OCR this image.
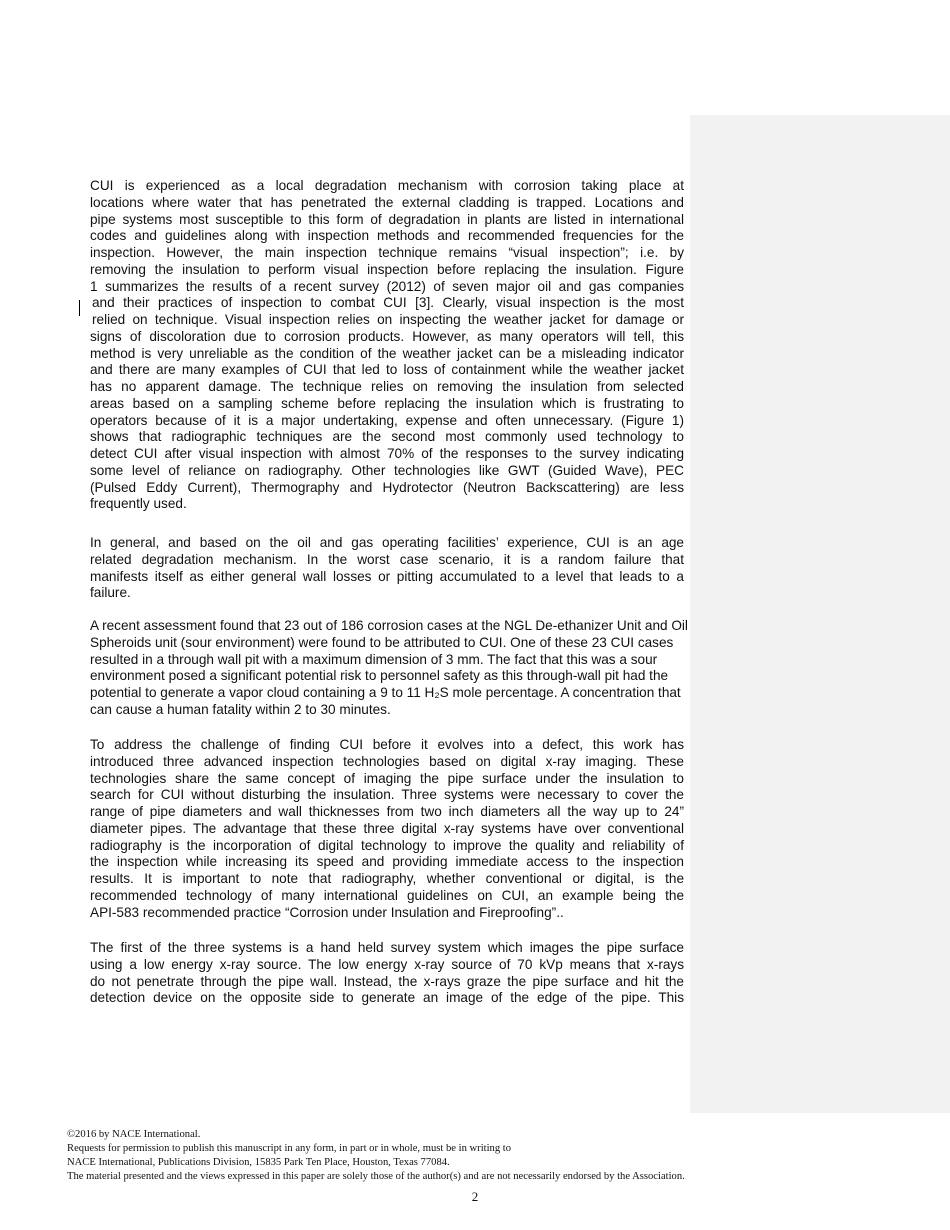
CUI is experienced as a local degradation mechanism with corrosion taking place at
locations where water that has penetrated the external cladding is trapped. Locations and
pipe systems most susceptible to this form of degradation in plants are listed in international
codes and guidelines along with inspection methods and recommended frequencies for the
inspection. However, the main inspection technique remains “visual inspection”; i.e. by
removing the insulation to perform visual inspection before replacing the insulation. Figure
1 summarizes the results of a recent survey (2012) of seven major oil and gas companies
and their practices of inspection to combat CUI [3]. Clearly, visual inspection is the most
relied on technique. Visual inspection relies on inspecting the weather jacket for damage or
signs of discoloration due to corrosion products. However, as many operators will tell, this
method is very unreliable as the condition of the weather jacket can be a misleading indicator
and there are many examples of CUI that led to loss of containment while the weather jacket
has no apparent damage. The technique relies on removing the insulation from selected
areas based on a sampling scheme before replacing the insulation which is frustrating to
operators because of it is a major undertaking, expense and often unnecessary. (Figure 1)
shows that radiographic techniques are the second most commonly used technology to
detect CUI after visual inspection with almost 70% of the responses to the survey indicating
some level of reliance on radiography. Other technologies like GWT (Guided Wave), PEC
(Pulsed Eddy Current), Thermography and Hydrotector (Neutron Backscattering) are less
frequently used.
In general, and based on the oil and gas operating facilities’ experience, CUI is an age
related degradation mechanism. In the worst case scenario, it is a random failure that
manifests itself as either general wall losses or pitting accumulated to a level that leads to a
failure.
A recent assessment found that 23 out of 186 corrosion cases at the NGL De-ethanizer Unit and Oil
Spheroids unit (sour environment) were found to be attributed to CUI. One of these 23 CUI cases
resulted in a through wall pit with a maximum dimension of 3 mm. The fact that this was a sour
environment posed a significant potential risk to personnel safety as this through-wall pit had the
potential to generate a vapor cloud containing a 9 to 11 H₂S mole percentage. A concentration that
can cause a human fatality within 2 to 30 minutes.
To address the challenge of finding CUI before it evolves into a defect, this work has
introduced three advanced inspection technologies based on digital x-ray imaging. These
technologies share the same concept of imaging the pipe surface under the insulation to
search for CUI without disturbing the insulation. Three systems were necessary to cover the
range of pipe diameters and wall thicknesses from two inch diameters all the way up to 24”
diameter pipes. The advantage that these three digital x-ray systems have over conventional
radiography is the incorporation of digital technology to improve the quality and reliability of
the inspection while increasing its speed and providing immediate access to the inspection
results. It is important to note that radiography, whether conventional or digital, is the
recommended technology of many international guidelines on CUI, an example being the
API-583 recommended practice “Corrosion under Insulation and Fireproofing”..
The first of the three systems is a hand held survey system which images the pipe surface
using a low energy x-ray source. The low energy x-ray source of 70 kVp means that x-rays
do not penetrate through the pipe wall. Instead, the x-rays graze the pipe surface and hit the
detection device on the opposite side to generate an image of the edge of the pipe. This
©2016 by NACE International.
Requests for permission to publish this manuscript in any form, in part or in whole, must be in writing to
NACE International, Publications Division, 15835 Park Ten Place, Houston, Texas 77084.
The material presented and the views expressed in this paper are solely those of the author(s) and are not necessarily endorsed by the Association.
2
